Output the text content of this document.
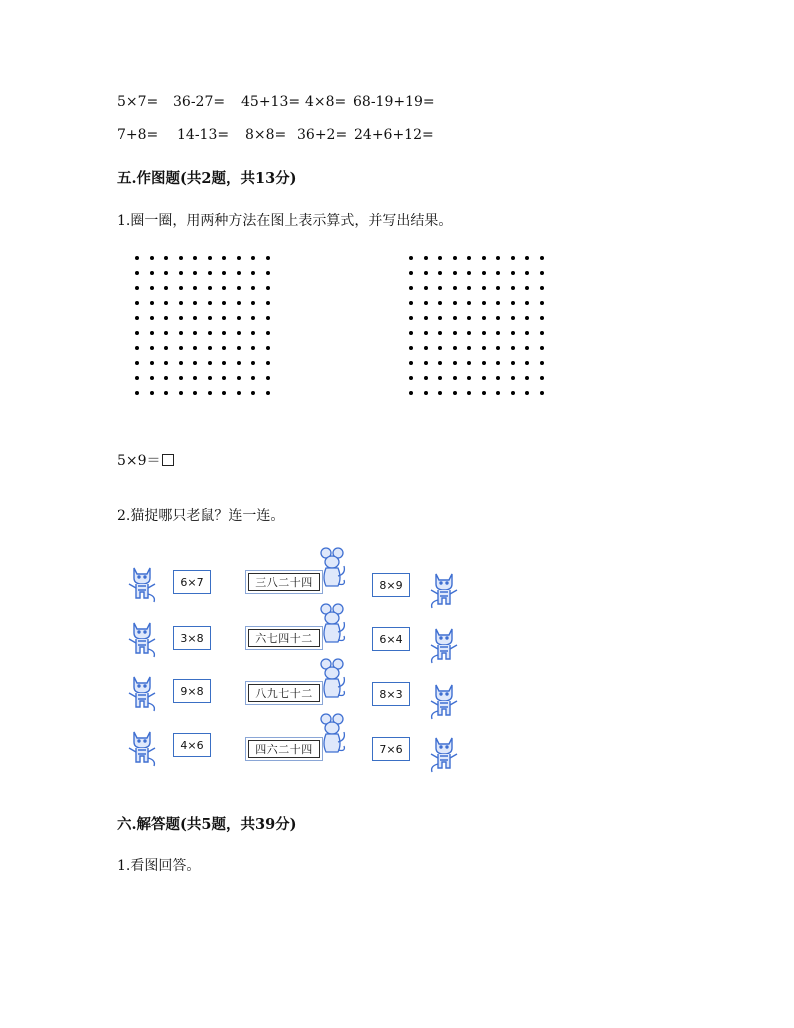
5×7= 36-27= 45+13= 4×8= 68-19+19=
7+8= 14-13= 8×8= 36+2= 24+6+12=
五.作图题(共2题，共13分)
1.圈一圈，用两种方法在图上表示算式，并写出结果。
5×9＝
2.猫捉哪只老鼠？连一连。
6×7	三八二十四	8×9
3×8	六七四十二	6×4
9×8	八九七十二	8×3
4×6	四六二十四	7×6
六.解答题(共5题，共39分)
1.看图回答。
